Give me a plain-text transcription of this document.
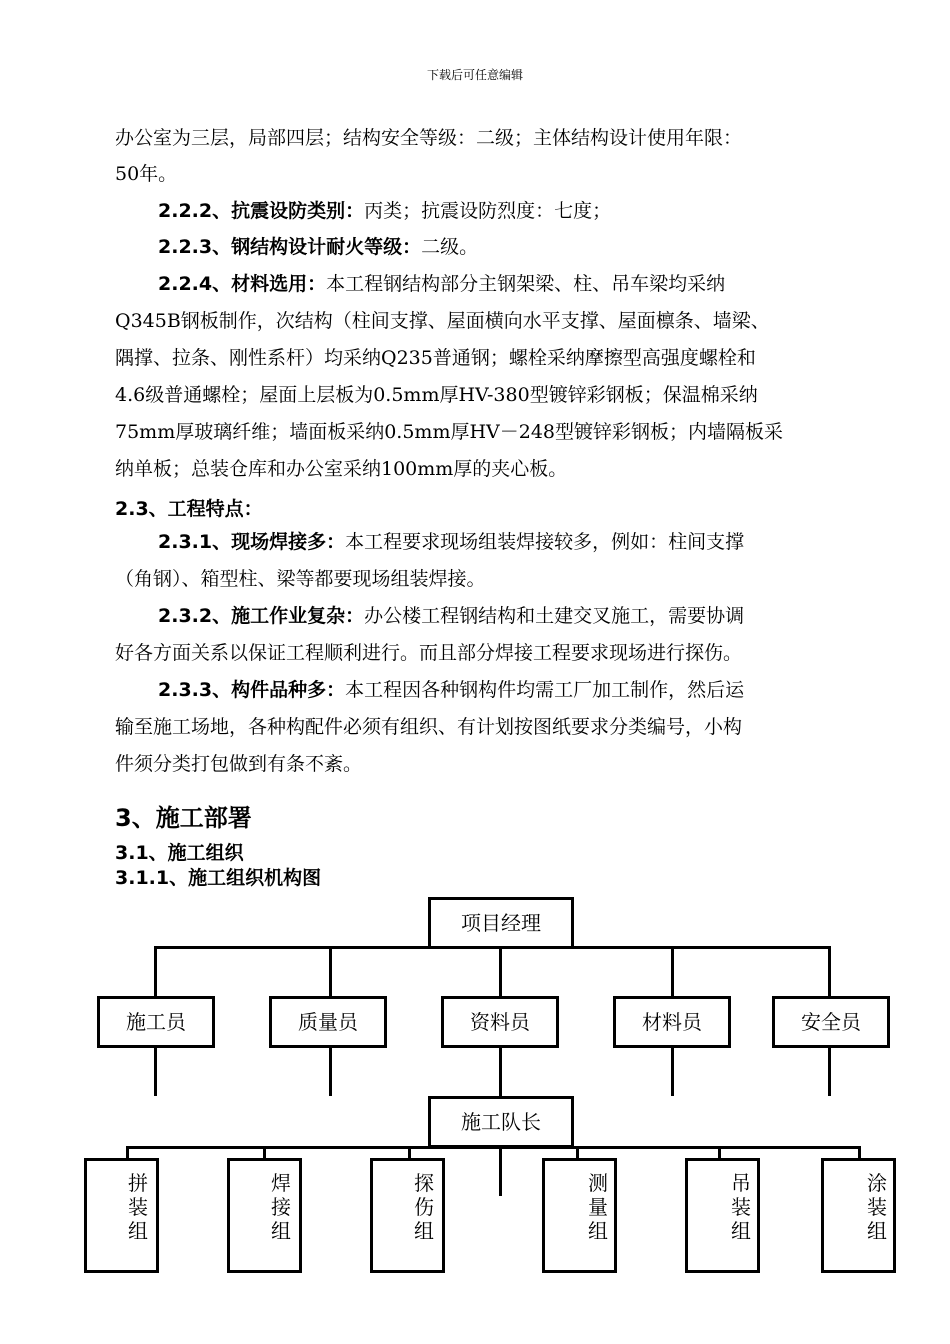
下载后可任意编辑
办公室为三层，局部四层；结构安全等级：二级；主体结构设计使用年限：
50年。
2.2.2、抗震设防类别：丙类；抗震设防烈度：七度；
2.2.3、钢结构设计耐火等级：二级。
2.2.4、材料选用：本工程钢结构部分主钢架梁、柱、吊车梁均采纳
Q345B钢板制作，次结构（柱间支撑、屋面横向水平支撑、屋面檩条、墙梁、
隅撑、拉条、刚性系杆）均采纳Q235普通钢；螺栓采纳摩擦型高强度螺栓和
4.6级普通螺栓；屋面上层板为0.5mm厚HV-380型镀锌彩钢板；保温棉采纳
75mm厚玻璃纤维；墙面板采纳0.5mm厚HV－248型镀锌彩钢板；内墙隔板采
纳单板；总装仓库和办公室采纳100mm厚的夹心板。
2.3、工程特点：
2.3.1、现场焊接多：本工程要求现场组装焊接较多，例如：柱间支撑
（角钢）、箱型柱、梁等都要现场组装焊接。
2.3.2、施工作业复杂：办公楼工程钢结构和土建交叉施工，需要协调
好各方面关系以保证工程顺利进行。而且部分焊接工程要求现场进行探伤。
2.3.3、构件品种多：本工程因各种钢构件均需工厂加工制作，然后运
输至施工场地，各种构配件必须有组织、有计划按图纸要求分类编号，小构
件须分类打包做到有条不紊。
3、施工部署
3.1、施工组织
3.1.1、施工组织机构图
项目经理
施工员	质量员	资料员	材料员	安全员
施工队长
拼装组
焊接组
探伤组
测量组
吊装组
涂装组
